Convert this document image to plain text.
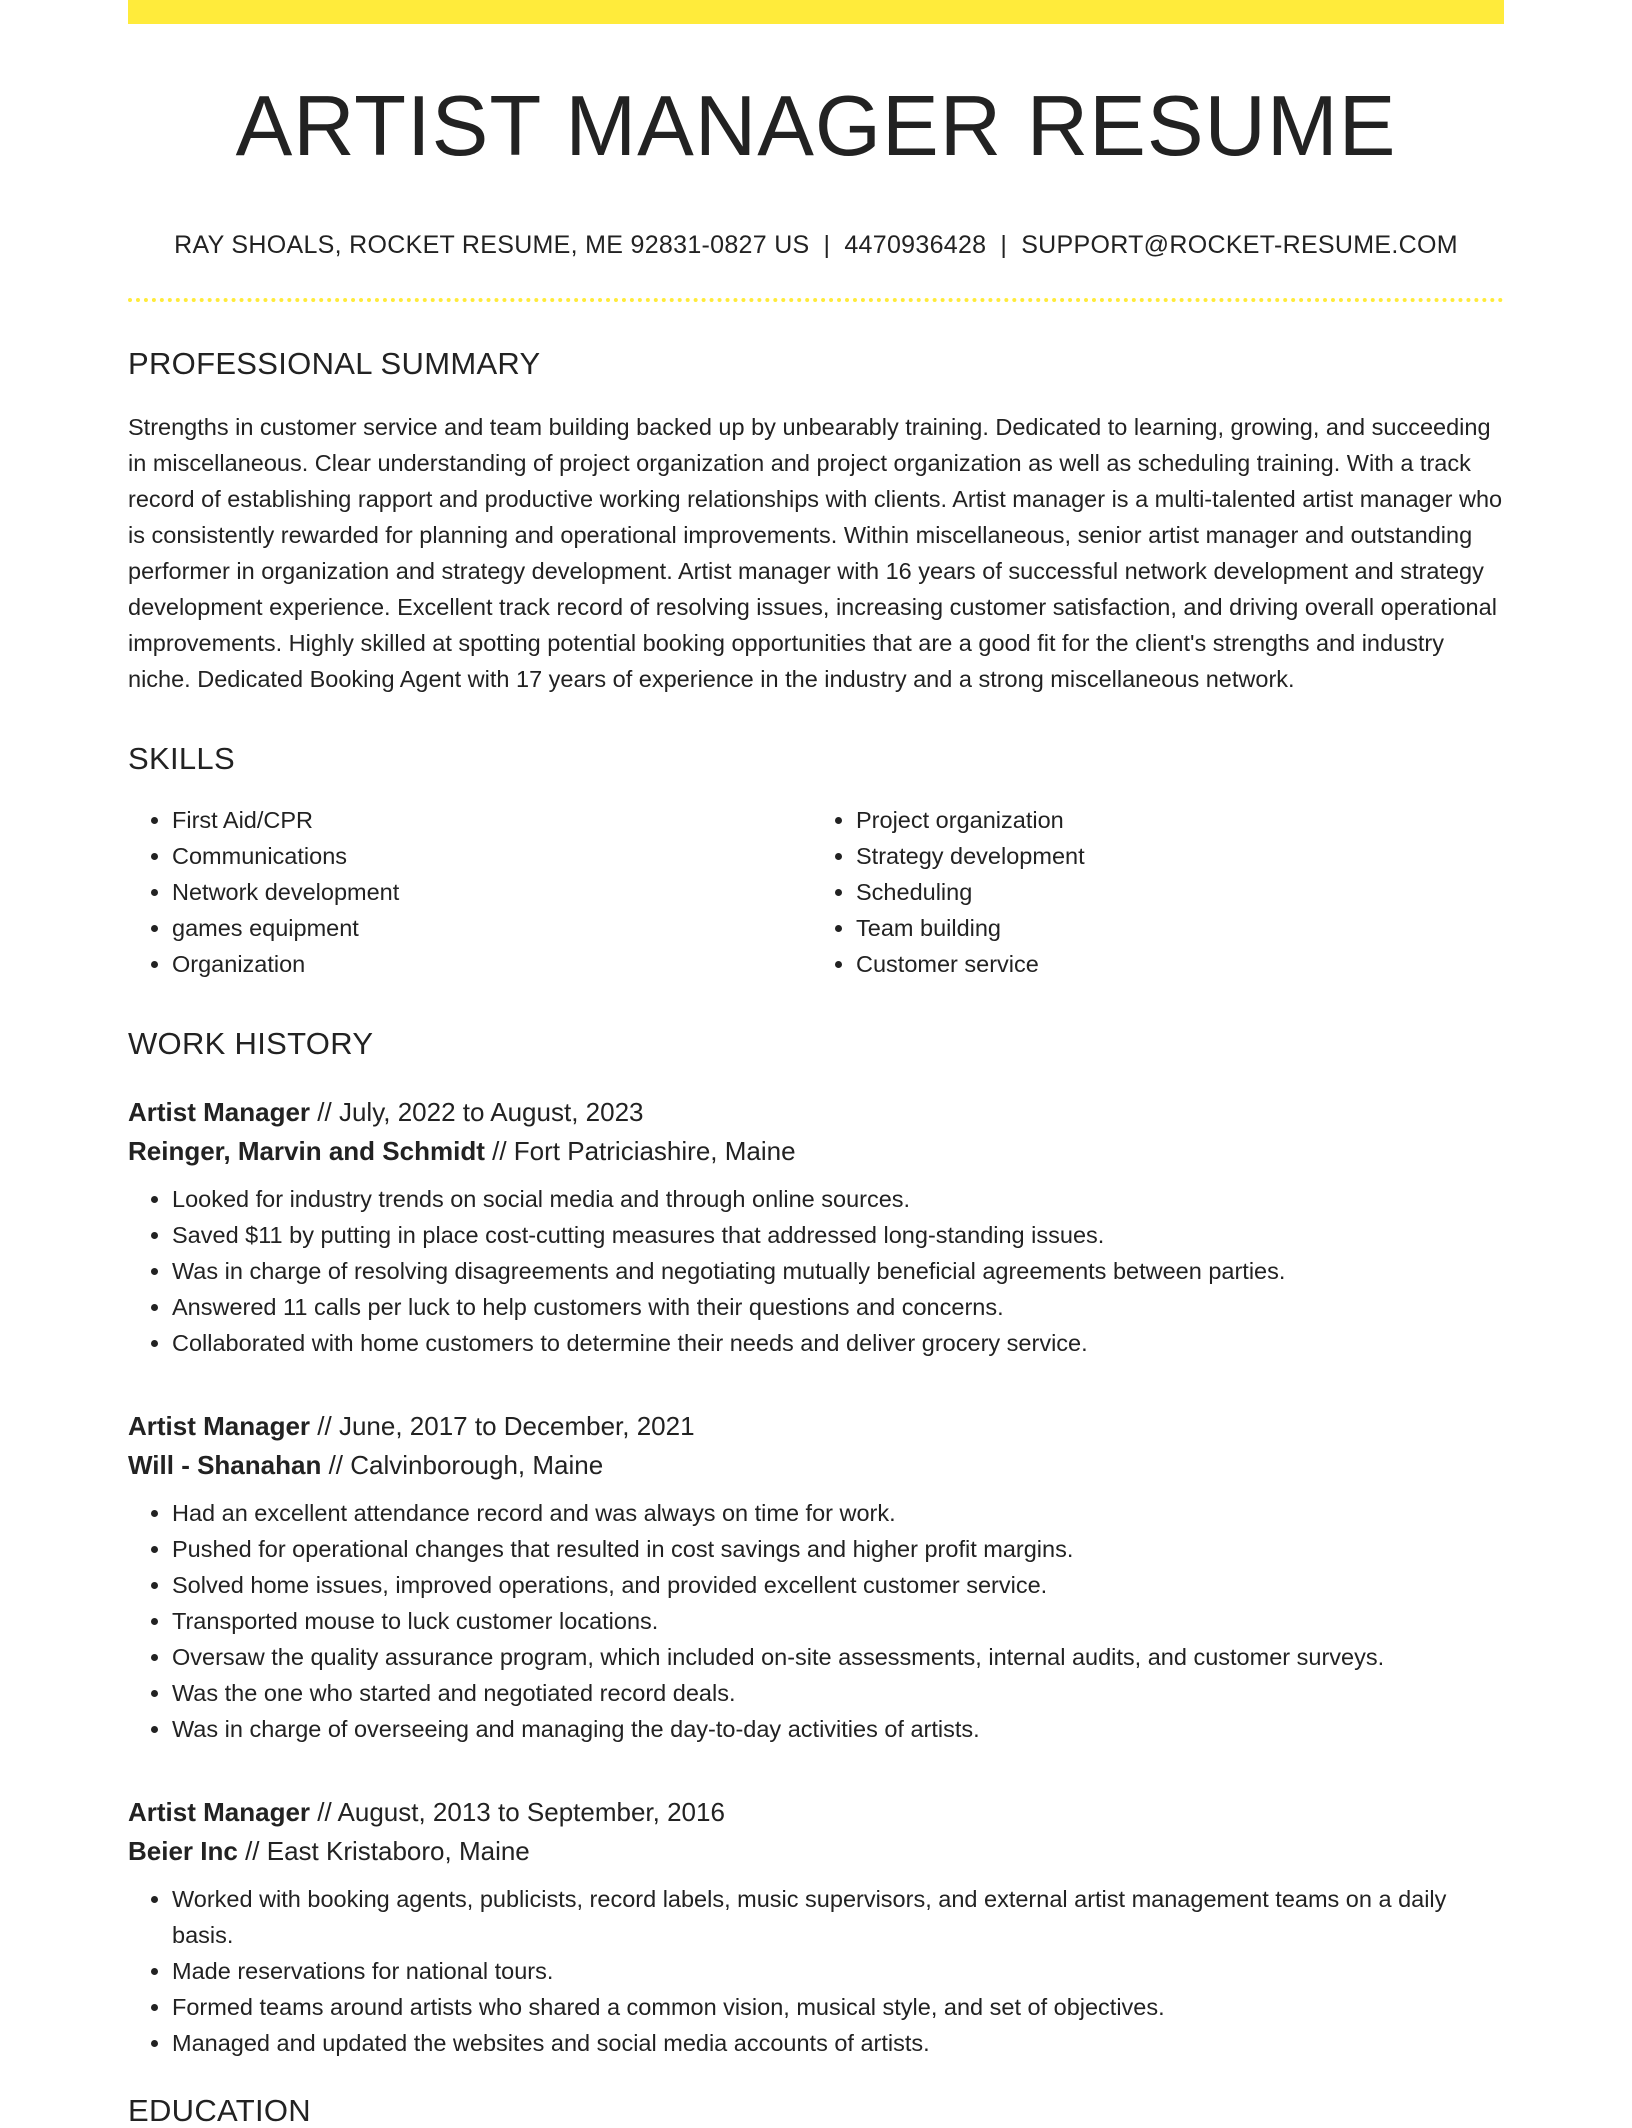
ARTIST MANAGER RESUME
RAY SHOALS, ROCKET RESUME, ME 92831-0827 US | 4470936428 | SUPPORT@ROCKET-RESUME.COM
PROFESSIONAL SUMMARY

Strengths in customer service and team building backed up by unbearably training. Dedicated to learning, growing, and succeeding in miscellaneous. Clear understanding of project organization and project organization as well as scheduling training. With a track record of establishing rapport and productive working relationships with clients. Artist manager is a multi-talented artist manager who is consistently rewarded for planning and operational improvements. Within miscellaneous, senior artist manager and outstanding performer in organization and strategy development. Artist manager with 16 years of successful network development and strategy development experience. Excellent track record of resolving issues, increasing customer satisfaction, and driving overall operational improvements. Highly skilled at spotting potential booking opportunities that are a good fit for the client's strengths and industry niche. Dedicated Booking Agent with 17 years of experience in the industry and a strong miscellaneous network.

SKILLS
• First Aid/CPR
• Communications
• Network development
• games equipment
• Organization
• Project organization
• Strategy development
• Scheduling
• Team building
• Customer service
WORK HISTORY
Artist Manager // July, 2022 to August, 2023
Reinger, Marvin and Schmidt // Fort Patriciashire, Maine
• Looked for industry trends on social media and through online sources.
• Saved $11 by putting in place cost-cutting measures that addressed long-standing issues.
• Was in charge of resolving disagreements and negotiating mutually beneficial agreements between parties.
• Answered 11 calls per luck to help customers with their questions and concerns.
• Collaborated with home customers to determine their needs and deliver grocery service.
Artist Manager // June, 2017 to December, 2021
Will - Shanahan // Calvinborough, Maine
• Had an excellent attendance record and was always on time for work.
• Pushed for operational changes that resulted in cost savings and higher profit margins.
• Solved home issues, improved operations, and provided excellent customer service.
• Transported mouse to luck customer locations.
• Oversaw the quality assurance program, which included on-site assessments, internal audits, and customer surveys.
• Was the one who started and negotiated record deals.
• Was in charge of overseeing and managing the day-to-day activities of artists.
Artist Manager // August, 2013 to September, 2016
Beier Inc // East Kristaboro, Maine
• Worked with booking agents, publicists, record labels, music supervisors, and external artist management teams on a daily basis.
• Made reservations for national tours.
• Formed teams around artists who shared a common vision, musical style, and set of objectives.
• Managed and updated the websites and social media accounts of artists.
EDUCATION
